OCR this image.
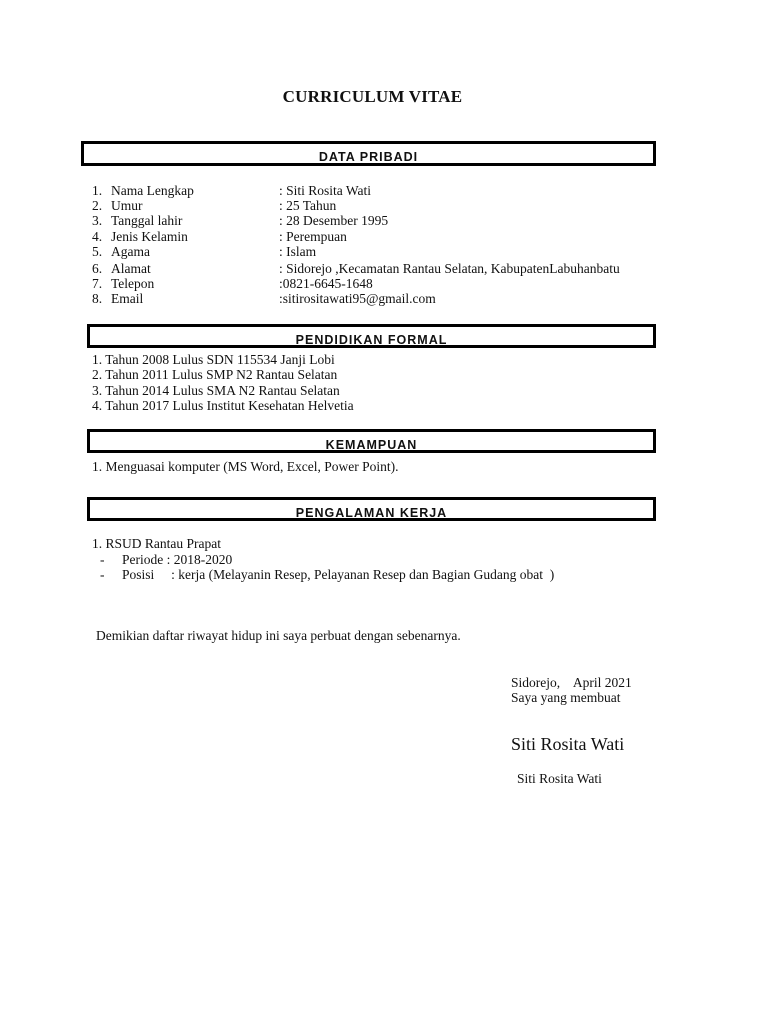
CURRICULUM VITAE
DATA PRIBADI
1. Nama Lengkap	: Siti Rosita Wati
2. Umur	: 25 Tahun
3. Tanggal lahir	: 28 Desember 1995
4. Jenis Kelamin	: Perempuan
5. Agama	: Islam
6. Alamat	: Sidorejo ,Kecamatan Rantau Selatan, KabupatenLabuhanbatu
7. Telepon	:0821-6645-1648
8. Email	:sitirositawati95@gmail.com
PENDIDIKAN FORMAL
1. Tahun 2008 Lulus SDN 115534 Janji Lobi
2. Tahun 2011 Lulus SMP N2 Rantau Selatan
3. Tahun 2014 Lulus SMA N2 Rantau Selatan
4. Tahun 2017 Lulus Institut Kesehatan Helvetia
KEMAMPUAN
1. Menguasai komputer (MS Word, Excel, Power Point).
PENGALAMAN KERJA
1. RSUD Rantau Prapat
- Periode : 2018-2020
- Posisi     : kerja (Melayanin Resep, Pelayanan Resep dan Bagian Gudang obat  )
Demikian daftar riwayat hidup ini saya perbuat dengan sebenarnya.
Sidorejo,    April 2021
Saya yang membuat
Siti Rosita Wati
Siti Rosita Wati
